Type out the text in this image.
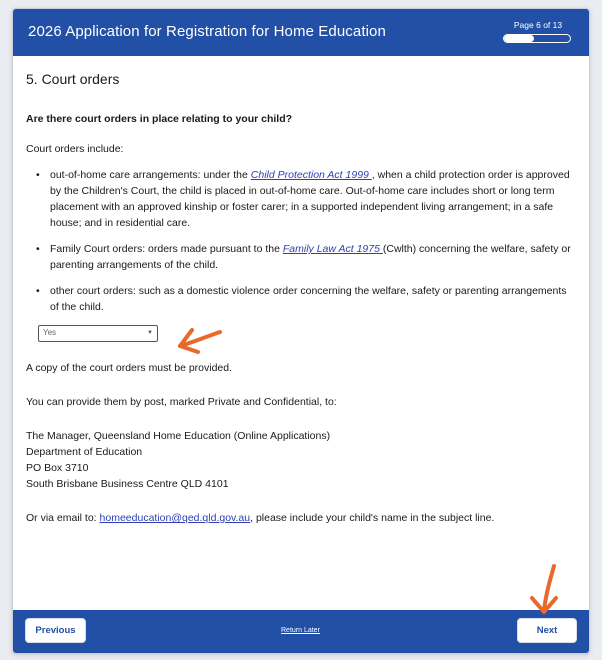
2026 Application for Registration for Home Education	Page 6 of 13
5. Court orders
Are there court orders in place relating to your child?
Court orders include:
• out-of-home care arrangements: under the Child Protection Act 1999 , when a child protection order is approved by the Children's Court, the child is placed in out-of-home care. Out-of-home care includes short or long term placement with an approved kinship or foster carer; in a supported independent living arrangement; in a safe house; and in residential care.
• Family Court orders: orders made pursuant to the Family Law Act 1975 (Cwlth) concerning the welfare, safety or parenting arrangements of the child.
• other court orders: such as a domestic violence order concerning the welfare, safety or parenting arrangements of the child.
Yes	▼
A copy of the court orders must be provided.
You can provide them by post, marked Private and Confidential, to:
The Manager, Queensland Home Education (Online Applications)
Department of Education
PO Box 3710
South Brisbane Business Centre QLD 4101
Or via email to: homeeducation@qed.qld.gov.au, please include your child's name in the subject line.
Previous	Return Later	Next
